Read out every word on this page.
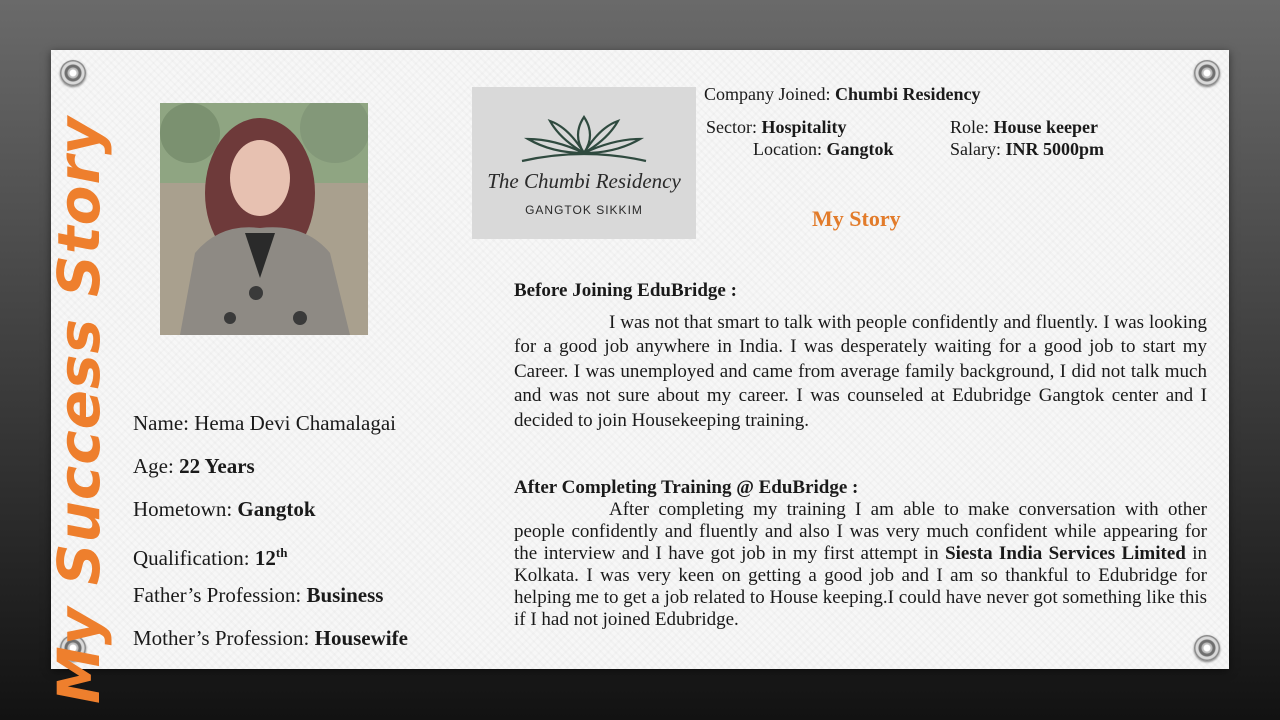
My Success Story Name: Hema Devi Chamalagai
Age: 22 Years
Hometown: Gangtok
Qualification: 12th
Father’s Profession: Business
Mother’s Profession: Housewife
The Chumbi Residency
GANGTOK SIKKIM
Company Joined: Chumbi Residency
Sector: Hospitality
Location: Gangtok
Role: House keeper
Salary: INR 5000pm
My Story
Before Joining EduBridge :
I was not that smart to talk with people confidently and fluently. I was looking for a good job anywhere in India. I was desperately waiting for a good job to start my Career. I was unemployed and came from average family background, I did not talk much and was not sure about my career. I was counseled at Edubridge Gangtok center and I decided to join Housekeeping training.
After Completing Training @ EduBridge :
After completing my training I am able to make conversation with other people confidently and fluently and also I was very much confident while appearing for the interview and I have got job in my first attempt in Siesta India Services Limited in Kolkata. I was very keen on getting a good job and I am so thankful to Edubridge for helping me to get a job related to House keeping.I could have never got something like this if I had not joined Edubridge.
